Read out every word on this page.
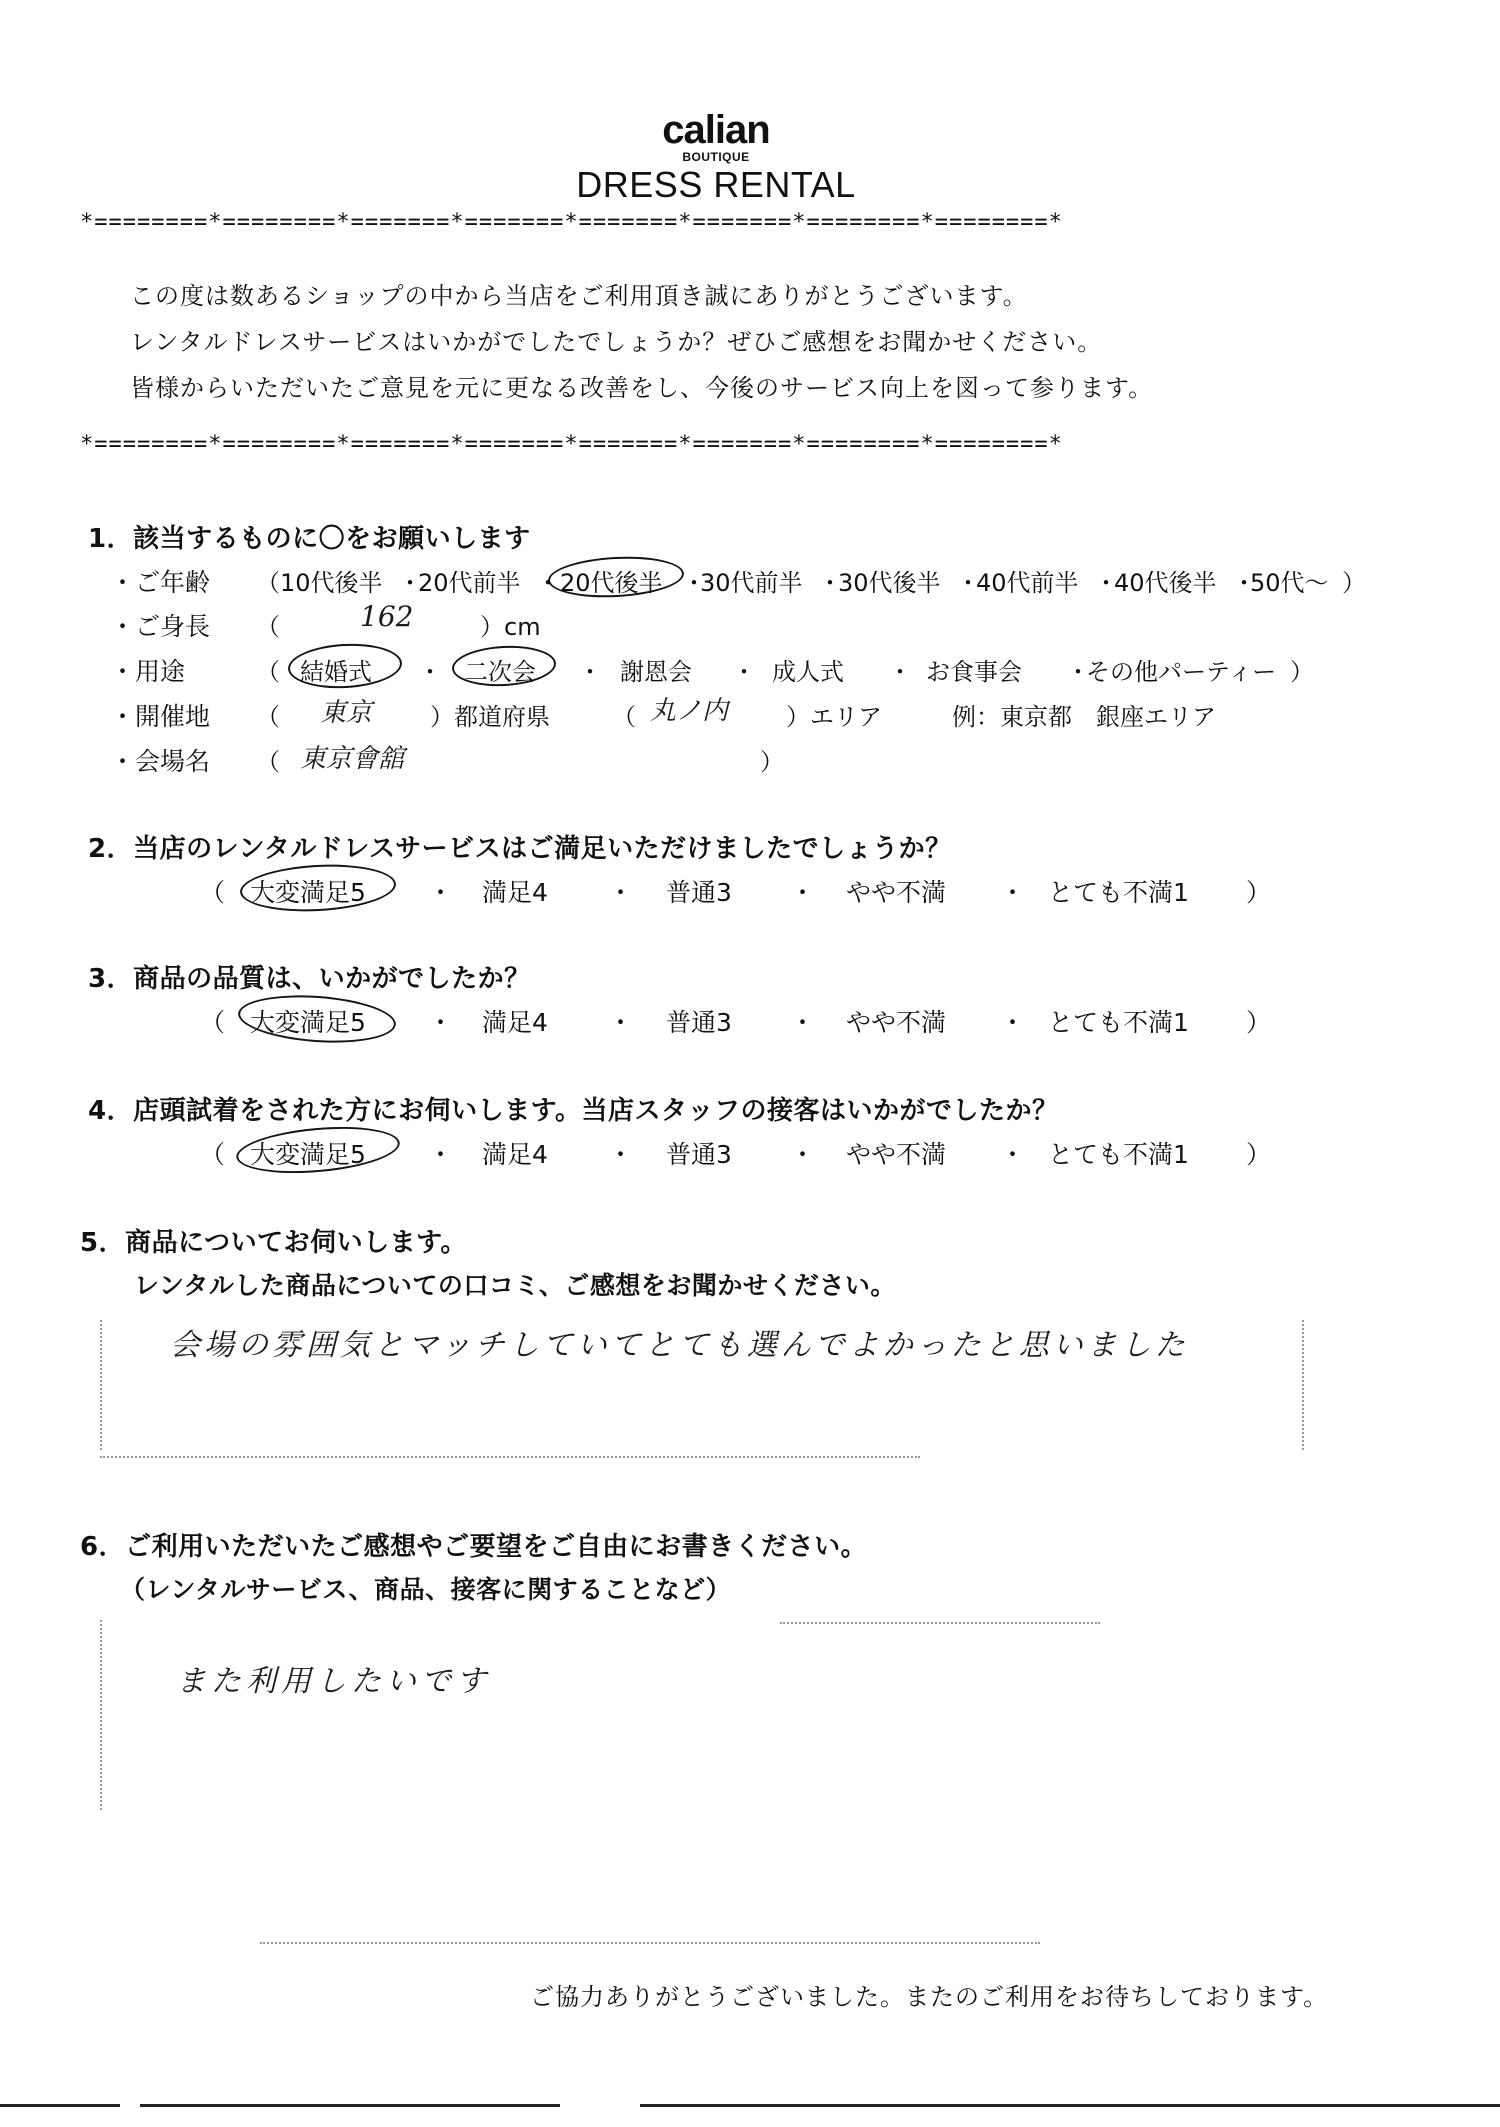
calian
BOUTIQUE
DRESS RENTAL
*========*========*=======*=======*=======*=======*========*========*
この度は数あるショップの中から当店をご利用頂き誠にありがとうございます。
レンタルドレスサービスはいかがでしたでしょうか？ぜひご感想をお聞かせください。
皆様からいただいたご意見を元に更なる改善をし、今後のサービス向上を図って参ります。
*========*========*=======*=======*=======*=======*========*========*
1．該当するものに〇をお願いします
・ご年齢 （ 10代後半 ・
20代前半 ・ 20代後半 ・
30代前半 ・
30代後半 ・
40代前半 ・
40代後半 ・
50代～ ）
・ご身長 （	162	）cm
・用途	（ 結婚式 ・ 二次会 ・ 謝恩会 ・ 成人式 ・ お食事会 ・
その他パーティー ）
・開催地 （ 東京 ）都道府県	（ 丸ノ内 ）エリア	例：東京都　銀座エリア
・会場名 （ 東京會舘	）
2．当店のレンタルドレスサービスはご満足いただけましたでしょうか？
（ 大変満足5 ・ 満足4 ・ 普通3 ・ やや不満 ・ とても不満1 ）
3．商品の品質は、いかがでしたか？
（ 大変満足5 ・ 満足4 ・ 普通3 ・ やや不満 ・ とても不満1 ）
4．店頭試着をされた方にお伺いします。当店スタッフの接客はいかがでしたか？
（ 大変満足5 ・ 満足4 ・ 普通3 ・ やや不満 ・ とても不満1 ）
5．商品についてお伺いします。
レンタルした商品についての口コミ、ご感想をお聞かせください。
会場の雰囲気とマッチしていてとても選んでよかったと思いました
6．ご利用いただいたご感想やご要望をご自由にお書きください。
（レンタルサービス、商品、接客に関することなど）
また利用したいです
ご協力ありがとうございました。またのご利用をお待ちしております。
